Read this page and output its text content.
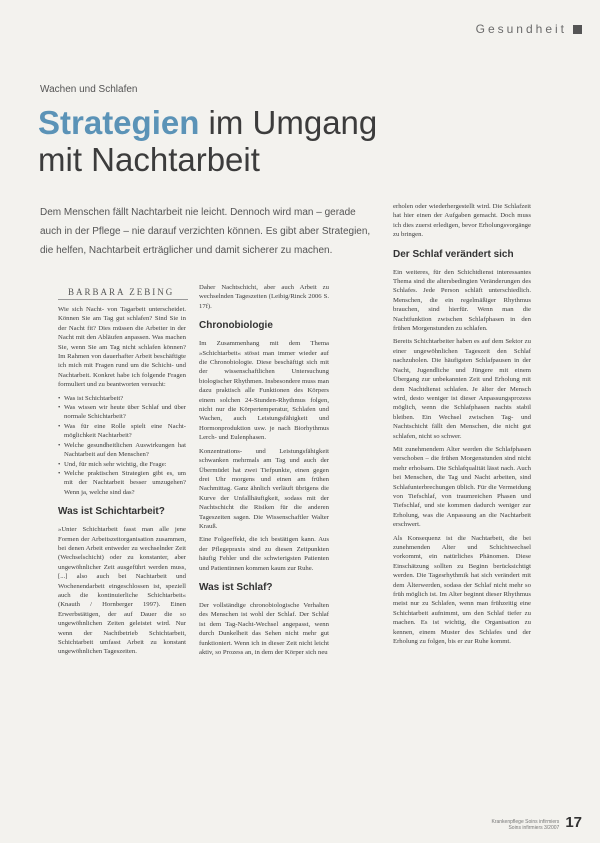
Gesundheit
Wachen und Schlafen
Strategien im Umgang mit Nachtarbeit
Dem Menschen fällt Nachtarbeit nie leicht. Dennoch wird man – gerade auch in der Pflege – nie darauf verzichten können. Es gibt aber Strategien, die helfen, Nachtarbeit erträglicher und damit sicherer zu machen.
BARBARA ZEBING

Wie sich Nacht- von Tagarbeit unterscheidet. Können Sie am Tag gut schlafen? Sind Sie in der Nacht fit? Dies müssen die Arbeiter in der Nacht mit den Abläufen anpassen. Was machen Sie, wenn Sie am Tag nicht schlafen können? Im Rahmen von dauerhafter Arbeit beschäftigte ich mich mit Fragen rund um die Schicht- und Nachtarbeit. Konkret habe ich folgende Fragen formuliert und zu beantworten versucht:

• Was ist Schichtarbeit?
• Was wissen wir heute über Schlaf und über normale Schichtarbeit?
• Was für eine Rolle spielt eine Nacht-möglichkeit Nachtarbeit?
• Welche gesundheitlichen Auswirkungen hat Nachtarbeit auf den Menschen?
• Und, für mich sehr wichtig, die Frage:
• Welche praktischen Strategien gibt es, um mit der Nachtarbeit besser umzugehen? Wenn ja, welche sind das?
Was ist Schichtarbeit?

»Unter Schichtarbeit fasst man alle jene Formen der Arbeitszeitorganisation zusammen, bei denen Arbeit entweder zu wechselnder Zeit (Wechselschicht) oder zu konstanter, aber ungewöhnlicher Zeit ausgeführt werden muss, [...] also auch bei Nachtarbeit und Wochenendarbeit eingeschlossen ist, speziell auch die kontinuierliche Schichtarbeit« (Knauth / Hornberger 1997). Einen Erwerbstätigen, der auf Dauer die so ungewöhnlichen Zeiten geleistet wird. Nur wenn der Nachtbetrieb Schichtarbeit, Schichtarbeit umfasst Arbeit zu konstant ungewöhnlichen Tageszeiten.

Daher Nachtschicht, aber auch Arbeit zu wechselnden Tageszeiten (Leibig/Rinck 2006 S. 17f).

Chronobiologie

Im Zusammenhang mit dem Thema »Schichtarbeit« stösst man immer wieder auf die Chronobiologie. Diese beschäftigt sich mit der wissenschaftlichen Untersuchung biologischer Rhythmen. Insbesondere muss man dazu praktisch alle Funktionen des Körpers einem solchen 24-Stunden-Rhythmus folgen, nicht nur die Körpertemperatur, Schlafen und Wachen, auch Leistungsfähigkeit und Hormonproduktion usw. je nach Biorhythmus Lerch- und Eulenphasen.

Konzentrations- und Leistungsfähigkeit schwanken mehrmals am Tag und auch der Übermüdet hat zwei Tiefpunkte, einen gegen drei Uhr morgens und einen am frühen Nachmittag. Ganz ähnlich verläuft übrigens die Kurve der Unfallhäufigkeit, sodass mit der Nachtschicht die Risiken für die anderen Tageszeiten sagen. Die Wissenschaftler Walter Krauß.

Eine Folgeeffekt, die ich bestätigen kann. Aus der Pflegepraxis sind zu diesen Zeitpunkten häufig Fehler und die schwierigsten Patienten und Patientinnen kommen kaum zur Ruhe.

Was ist Schlaf?

Der vollständige chronobiologische Verhalten des Menschen ist wohl der Schlaf. Der Schlaf ist dem Tag-Nacht-Wechsel angepasst, wenn durch Dunkelheit das Sehen nicht mehr gut funktioniert. Wenn ich in dieser Zeit nicht leicht aktiv, so Prozess an, in dem der Körper sich neu

erholen oder wiederhergestellt wird. Die Schlafzeit hat hier einen der Aufgaben gemacht. Doch muss ich dies zuerst erledigen, bevor Erholungsvorgänge zu bringen.

Der Schlaf verändert sich

Ein weiteres, für den Schichtdienst interessantes Thema sind die altersbedingten Veränderungen des Schlafes. Jede Person schläft unterschiedlich. Menschen, die ein regelmäßiger Rhythmus brauchen, sind hierfür. Wenn man die Nachtfunktion zwischen Schlafphasen in den frühen Morgenstunden zu schlafen.

Bereits Schichtarbeiter haben es auf dem Sektor zu einer ungewöhnlichen Tageszeit den Schlaf nachzuholen. Die häufigsten Schlafpausen in der Nacht, Jugendliche und Jüngere mit einem Übergang zur unbekannten Zeit und Erholung mit dem Nachtdienst schlafen. Je älter der Mensch wird, desto weniger ist dieser Anpassungsprozess möglich, wenn die Schlafphasen nachts stabil bleiben. Ein Wechsel zwischen Tag- und Nachtschicht fällt den Menschen, die nicht gut schlafen, nicht so schwer.

Mit zunehmendem Alter werden die Schlafphasen verschoben – die frühen Morgenstunden sind nicht mehr erholsam. Die Schlafqualität lässt nach. Auch bei Menschen, die Tag und Nacht arbeiten, sind Schlafunterbrechungen üblich. Für die Vermeidung von Tiefschlaf, von traumreichen Phasen und Tiefschlaf, und sie kommen dadurch weniger zur Erholung, was die Anpassung an die Nachtarbeit erschwert.

Als Konsequenz ist die Nachtarbeit, die bei zunehmenden Alter und Schichtwechsel vorkommt, ein natürliches Phänomen. Diese Einschätzung sollten zu Beginn berücksichtigt werden. Die Tagesrhythmik hat sich verändert mit dem Älterwerden, sodass der Schlaf nicht mehr so früh möglich ist. Im Alter beginnt dieser Rhythmus meist nur zu Schlafen, wenn man frühzeitig eine Schichtarbeit aufnimmt, um den Schlaf tiefer zu machen. Es ist wichtig, die Organisation zu kennen, einem Muster des Schlafes und der Erholung zu folgen, bis er zur Ruhe kommt.

Krankenpflege Soins infirmiers
Soins infirmiers 3/2007 17
